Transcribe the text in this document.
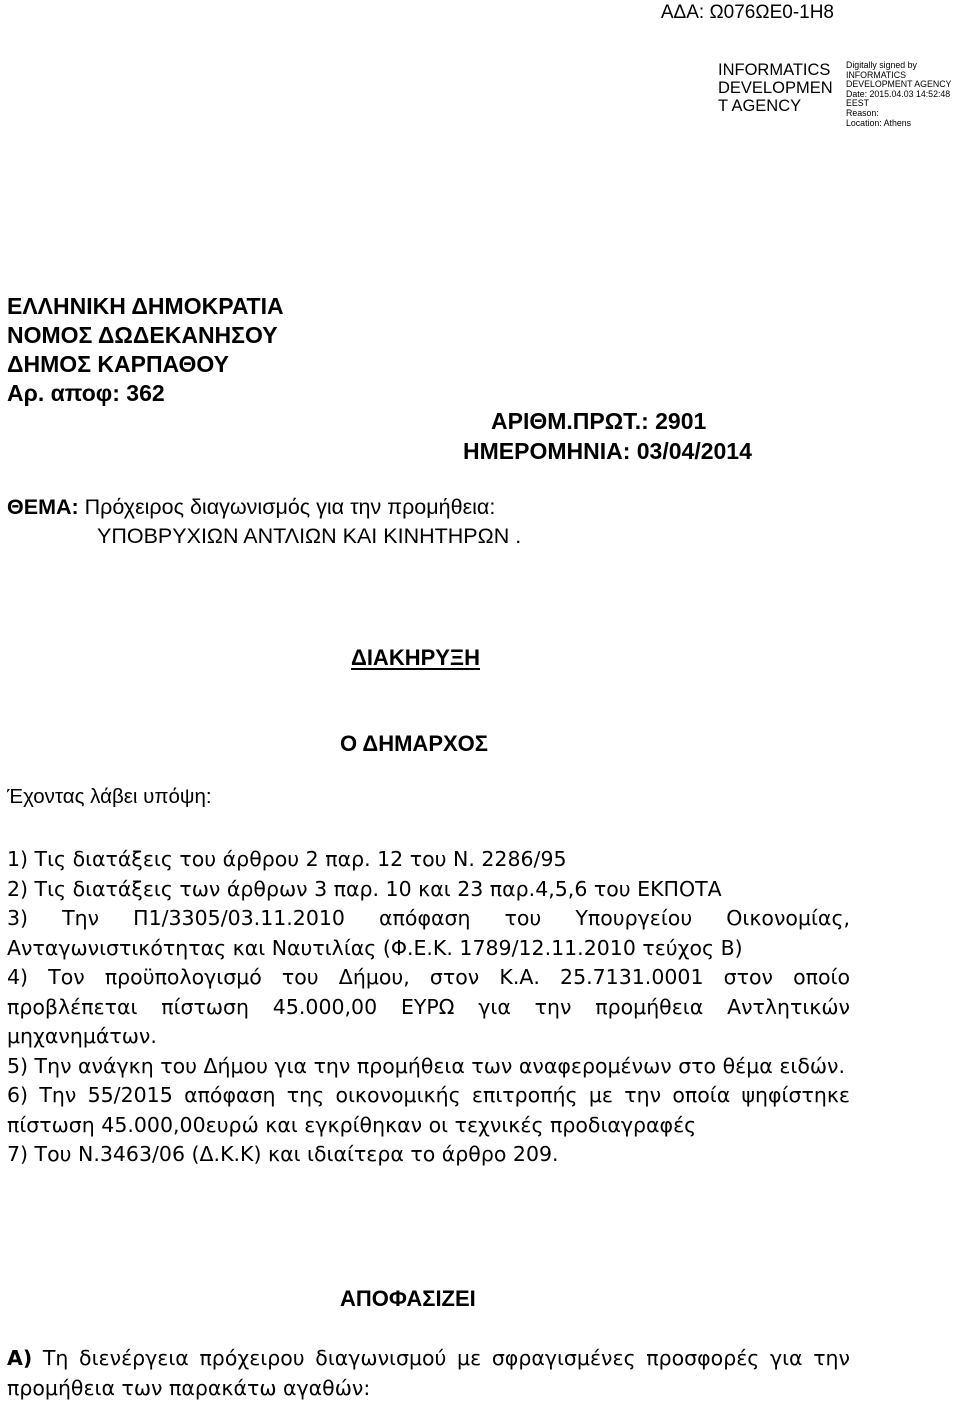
ΑΔΑ: Ω076ΩΕ0-1Η8
INFORMATICS
DEVELOPMEN
T AGENCY
Digitally signed by
INFORMATICS
DEVELOPMENT AGENCY
Date: 2015.04.03 14:52:48
EEST
Reason:
Location: Athens
ΕΛΛΗΝΙΚΗ ΔΗΜΟΚΡΑΤΙΑ
ΝΟΜΟΣ ΔΩΔΕΚΑΝΗΣΟΥ
ΔΗΜΟΣ ΚΑΡΠΑΘΟΥ
Αρ. αποφ: 362
ΑΡΙΘΜ.ΠΡΩΤ.: 2901
ΗΜΕΡΟΜΗΝΙΑ: 03/04/2014
ΘΕΜΑ: Πρόχειρος διαγωνισμός για την προμήθεια:
ΥΠΟΒΡΥΧΙΩΝ ΑΝΤΛΙΩΝ ΚΑΙ ΚΙΝΗΤΗΡΩΝ .
ΔΙΑΚΗΡΥΞΗ
Ο ΔΗΜΑΡΧΟΣ
Έχοντας λάβει υπόψη:
1) Τις διατάξεις του άρθρου 2 παρ. 12 του Ν. 2286/95
2) Τις διατάξεις των άρθρων 3 παρ. 10 και 23 παρ.4,5,6 του ΕΚΠΟΤΑ
3) Την Π1/3305/03.11.2010 απόφαση του Υπουργείου Οικονομίας, Ανταγωνιστικότητας και Ναυτιλίας (Φ.Ε.Κ. 1789/12.11.2010 τεύχος Β)
4) Τον προϋπολογισμό του Δήμου, στον Κ.Α. 25.7131.0001 στον οποίο προβλέπεται πίστωση 45.000,00 ΕΥΡΩ για την προμήθεια Αντλητικών μηχανημάτων.
5) Την ανάγκη του Δήμου για την προμήθεια των αναφερομένων στο θέμα ειδών.
6) Την 55/2015 απόφαση της οικονομικής επιτροπής με την οποία ψηφίστηκε πίστωση 45.000,00ευρώ και εγκρίθηκαν οι τεχνικές προδιαγραφές
7) Του Ν.3463/06 (Δ.Κ.Κ) και ιδιαίτερα το άρθρο 209.
ΑΠΟΦΑΣΙΖΕΙ
Α) Τη διενέργεια πρόχειρου διαγωνισμού με σφραγισμένες προσφορές για την προμήθεια των παρακάτω αγαθών:
